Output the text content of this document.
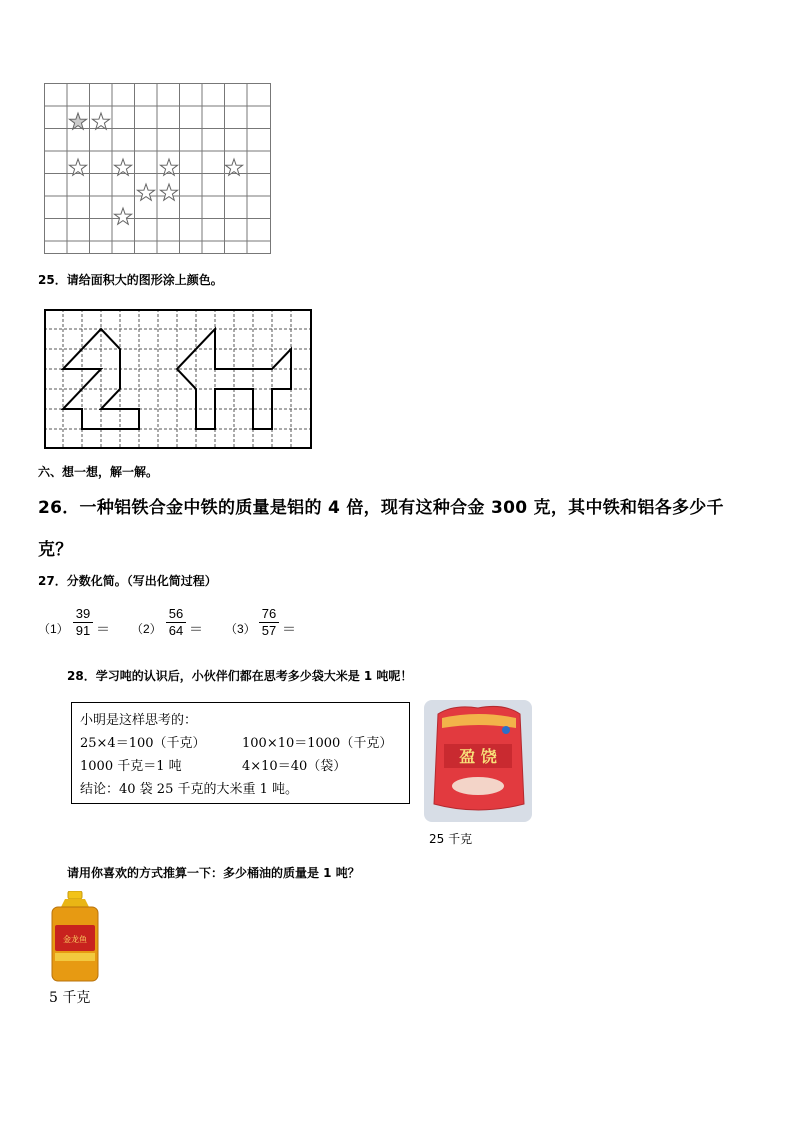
25．请给面积大的图形涂上颜色。
六、想一想，解一解。
26．一种铝铁合金中铁的质量是铝的 4 倍，现有这种合金 300 克，其中铁和铝各多少千
克？
27．分数化简。（写出化简过程）
（1）
39
91 ＝ （2）
56
64 ＝ （3）
76
57 ＝
28．学习吨的认识后，小伙伴们都在思考多少袋大米是 1 吨呢！
小明是这样思考的：
25×4＝100（千克）	100×10＝1000（千克）
1000 千克＝1 吨	4×10＝40（袋）
结论：40 袋 25 千克的大米重 1 吨。
盈 饶
25 千克
请用你喜欢的方式推算一下：多少桶油的质量是 1 吨？
金龙鱼
5 千克
